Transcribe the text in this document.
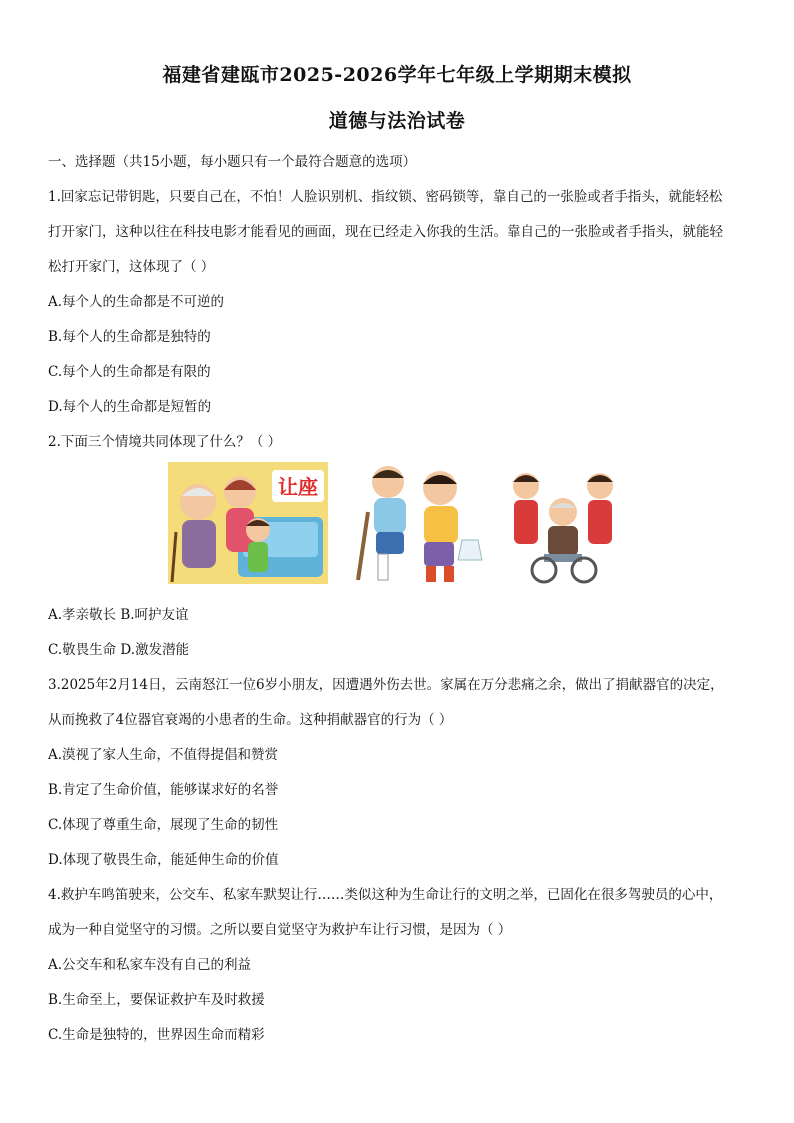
福建省建瓯市2025-2026学年七年级上学期期末模拟
道德与法治试卷
一、选择题（共15小题，每小题只有一个最符合题意的选项）
1.回家忘记带钥匙，只要自己在，不怕！人脸识别机、指纹锁、密码锁等，靠自己的一张脸或者手指头，就能轻松
打开家门，这种以往在科技电影才能看见的画面，现在已经走入你我的生活。靠自己的一张脸或者手指头，就能轻
松打开家门，这体现了（ ）
A.每个人的生命都是不可逆的
B.每个人的生命都是独特的
C.每个人的生命都是有限的
D.每个人的生命都是短暂的
2.下面三个情境共同体现了什么？（ ）
让座
A.孝亲敬长 B.呵护友谊
C.敬畏生命 D.激发潜能
3.2025年2月14日，云南怒江一位6岁小朋友，因遭遇外伤去世。家属在万分悲痛之余，做出了捐献器官的决定，
从而挽救了4位器官衰竭的小患者的生命。这种捐献器官的行为（ ）
A.漠视了家人生命，不值得提倡和赞赏
B.肯定了生命价值，能够谋求好的名誉
C.体现了尊重生命，展现了生命的韧性
D.体现了敬畏生命，能延伸生命的价值
4.救护车鸣笛驶来，公交车、私家车默契让行……类似这种为生命让行的文明之举，已固化在很多驾驶员的心中，
成为一种自觉坚守的习惯。之所以要自觉坚守为救护车让行习惯，是因为（ ）
A.公交车和私家车没有自己的利益
B.生命至上，要保证救护车及时救援
C.生命是独特的，世界因生命而精彩
